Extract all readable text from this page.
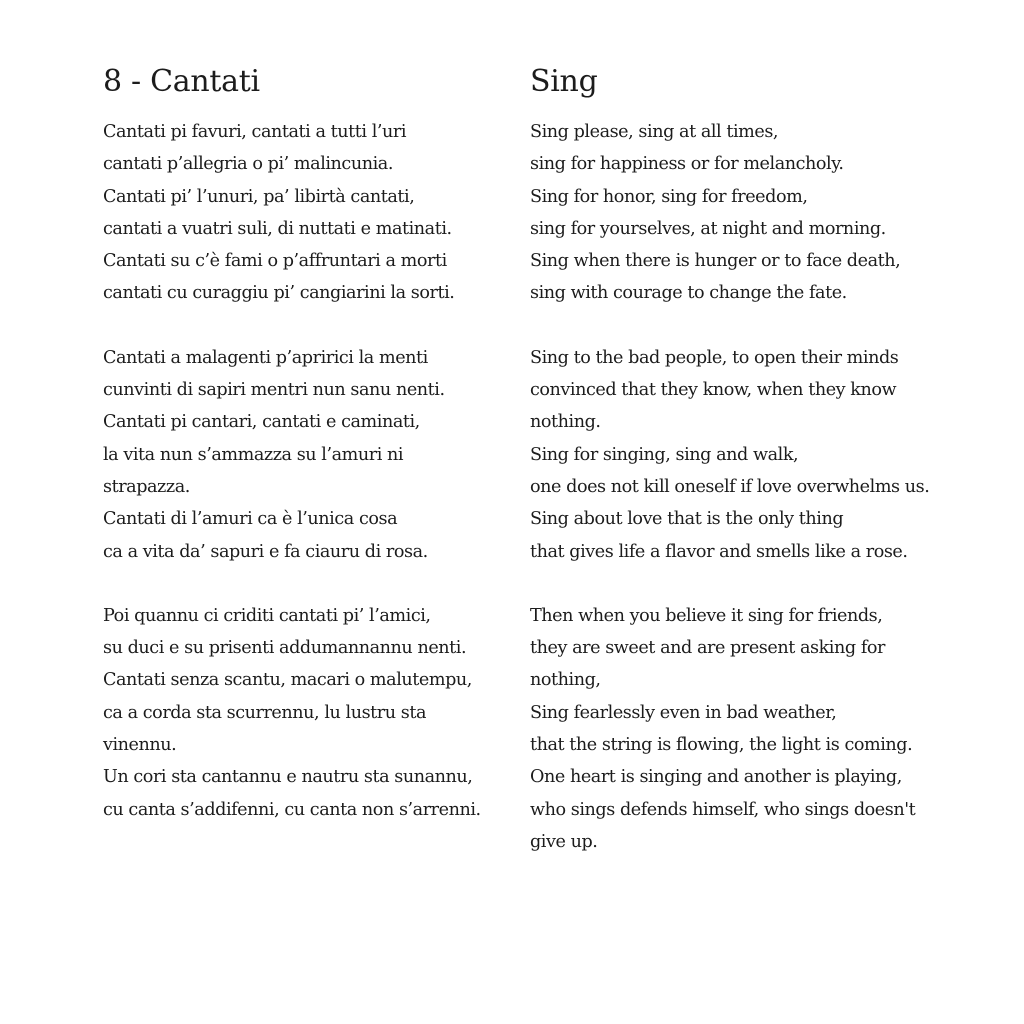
8 - Cantati
Cantati pi favuri, cantati a tutti l’uri
cantati p’allegria o pi’ malincunia.
Cantati pi’ l’unuri, pa’ libirtà cantati,
cantati a vuatri suli, di nuttati e matinati.
Cantati su c’è fami o p’affruntari a morti
cantati cu curaggiu pi’ cangiarini la sorti.
Cantati a malagenti p’apririci la menti
cunvinti di sapiri mentri nun sanu nenti.
Cantati pi cantari, cantati e caminati,
la vita nun s’ammazza su l’amuri ni
strapazza.
Cantati di l’amuri ca è l’unica cosa
ca a vita da’ sapuri e fa ciauru di rosa.
Poi quannu ci criditi cantati pi’ l’amici,
su duci e su prisenti addumannannu nenti.
Cantati senza scantu, macari o malutempu,
ca a corda sta scurrennu, lu lustru sta
vinennu.
Un cori sta cantannu e nautru sta sunannu,
cu canta s’addifenni, cu canta non s’arrenni.
Sing
Sing please, sing at all times,
sing for happiness or for melancholy.
Sing for honor, sing for freedom,
sing for yourselves, at night and morning.
Sing when there is hunger or to face death,
sing with courage to change the fate.
Sing to the bad people, to open their minds
convinced that they know, when they know
nothing.
Sing for singing, sing and walk,
one does not kill oneself if love overwhelms us.
Sing about love that is the only thing
that gives life a flavor and smells like a rose.
Then when you believe it sing for friends,
they are sweet and are present asking for
nothing,
Sing fearlessly even in bad weather,
that the string is flowing, the light is coming.
One heart is singing and another is playing,
who sings defends himself, who sings doesn't
give up.
